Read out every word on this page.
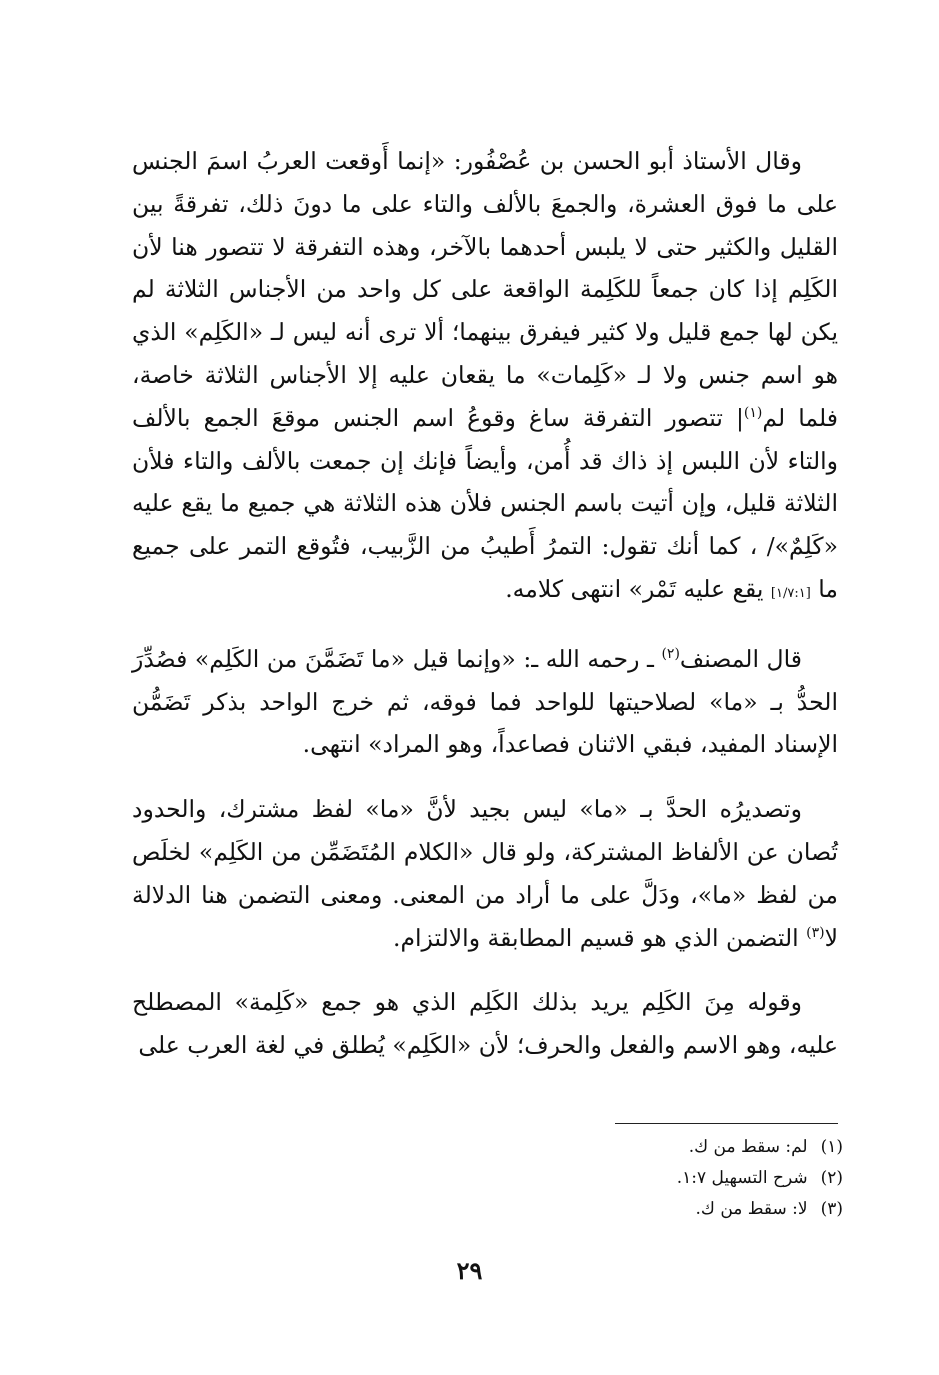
وقال الأستاذ أبو الحسن بن عُصْفُور: «إنما أَوقعت العربُ اسمَ الجنس على ما فوق العشرة، والجمعَ بالألف والتاء على ما دونَ ذلك، تفرقةً بين القليل والكثير حتى لا يلبس أحدهما بالآخر، وهذه التفرقة لا تتصور هنا لأن الكَلِم إذا كان جمعاً للكَلِمة الواقعة على كل واحد من الأجناس الثلاثة لم يكن لها جمع قليل ولا كثير فيفرق بينهما؛ ألا ترى أنه ليس لـ «الكَلِم» الذي هو اسم جنس ولا لـ «كَلِمات» ما يقعان عليه إلا الأجناس الثلاثة خاصة، فلما لم$^{(١)}$| تتصور التفرقة ساغ وقوعُ اسم الجنس موقعَ الجمع بالألف والتاء لأن اللبس إذ ذاك قد أُمن، وأيضاً فإنك إن جمعت بالألف والتاء فلأن الثلاثة قليل، وإن أتيت باسم الجنس فلأن هذه الثلاثة هي جميع ما يقع عليه «كَلِمٌ»/ ، كما أنك تقول: التمرُ أَطيبُ من الزَّبيب، فتُوقع التمر على جميع ما [١/٧:١] يقع عليه تَمْر» انتهى كلامه.

قال المصنف$^{(٢)}$ ـ رحمه الله ـ: «وإنما قيل «ما تَضَمَّنَ من الكَلِم» فصُدِّرَ الحدُّ بـ «ما» لصلاحيتها للواحد فما فوقه، ثم خرج الواحد بذكر تَضَمُّن الإسناد المفيد، فبقي الاثنان فصاعداً، وهو المراد» انتهى.

وتصديرُه الحدَّ بـ «ما» ليس بجيد لأنَّ «ما» لفظ مشترك، والحدود تُصان عن الألفاظ المشتركة، ولو قال «الكلام المُتَضَمِّن من الكَلِم» لخلَص من لفظ «ما»، ودَلَّ على ما أراد من المعنى. ومعنى التضمن هنا الدلالة لا$^{(٣)}$ التضمن الذي هو قسيم المطابقة والالتزام.

وقوله مِنَ الكَلِم يريد بذلك الكَلِم الذي هو جمع «كَلِمة» المصطلح عليه، وهو الاسم والفعل والحرف؛ لأن «الكَلِم» يُطلق في لغة العرب على

(١) لم: سقط من ك.
(٢) شرح التسهيل ١:٧.
(٣) لا: سقط من ك.
٢٩
